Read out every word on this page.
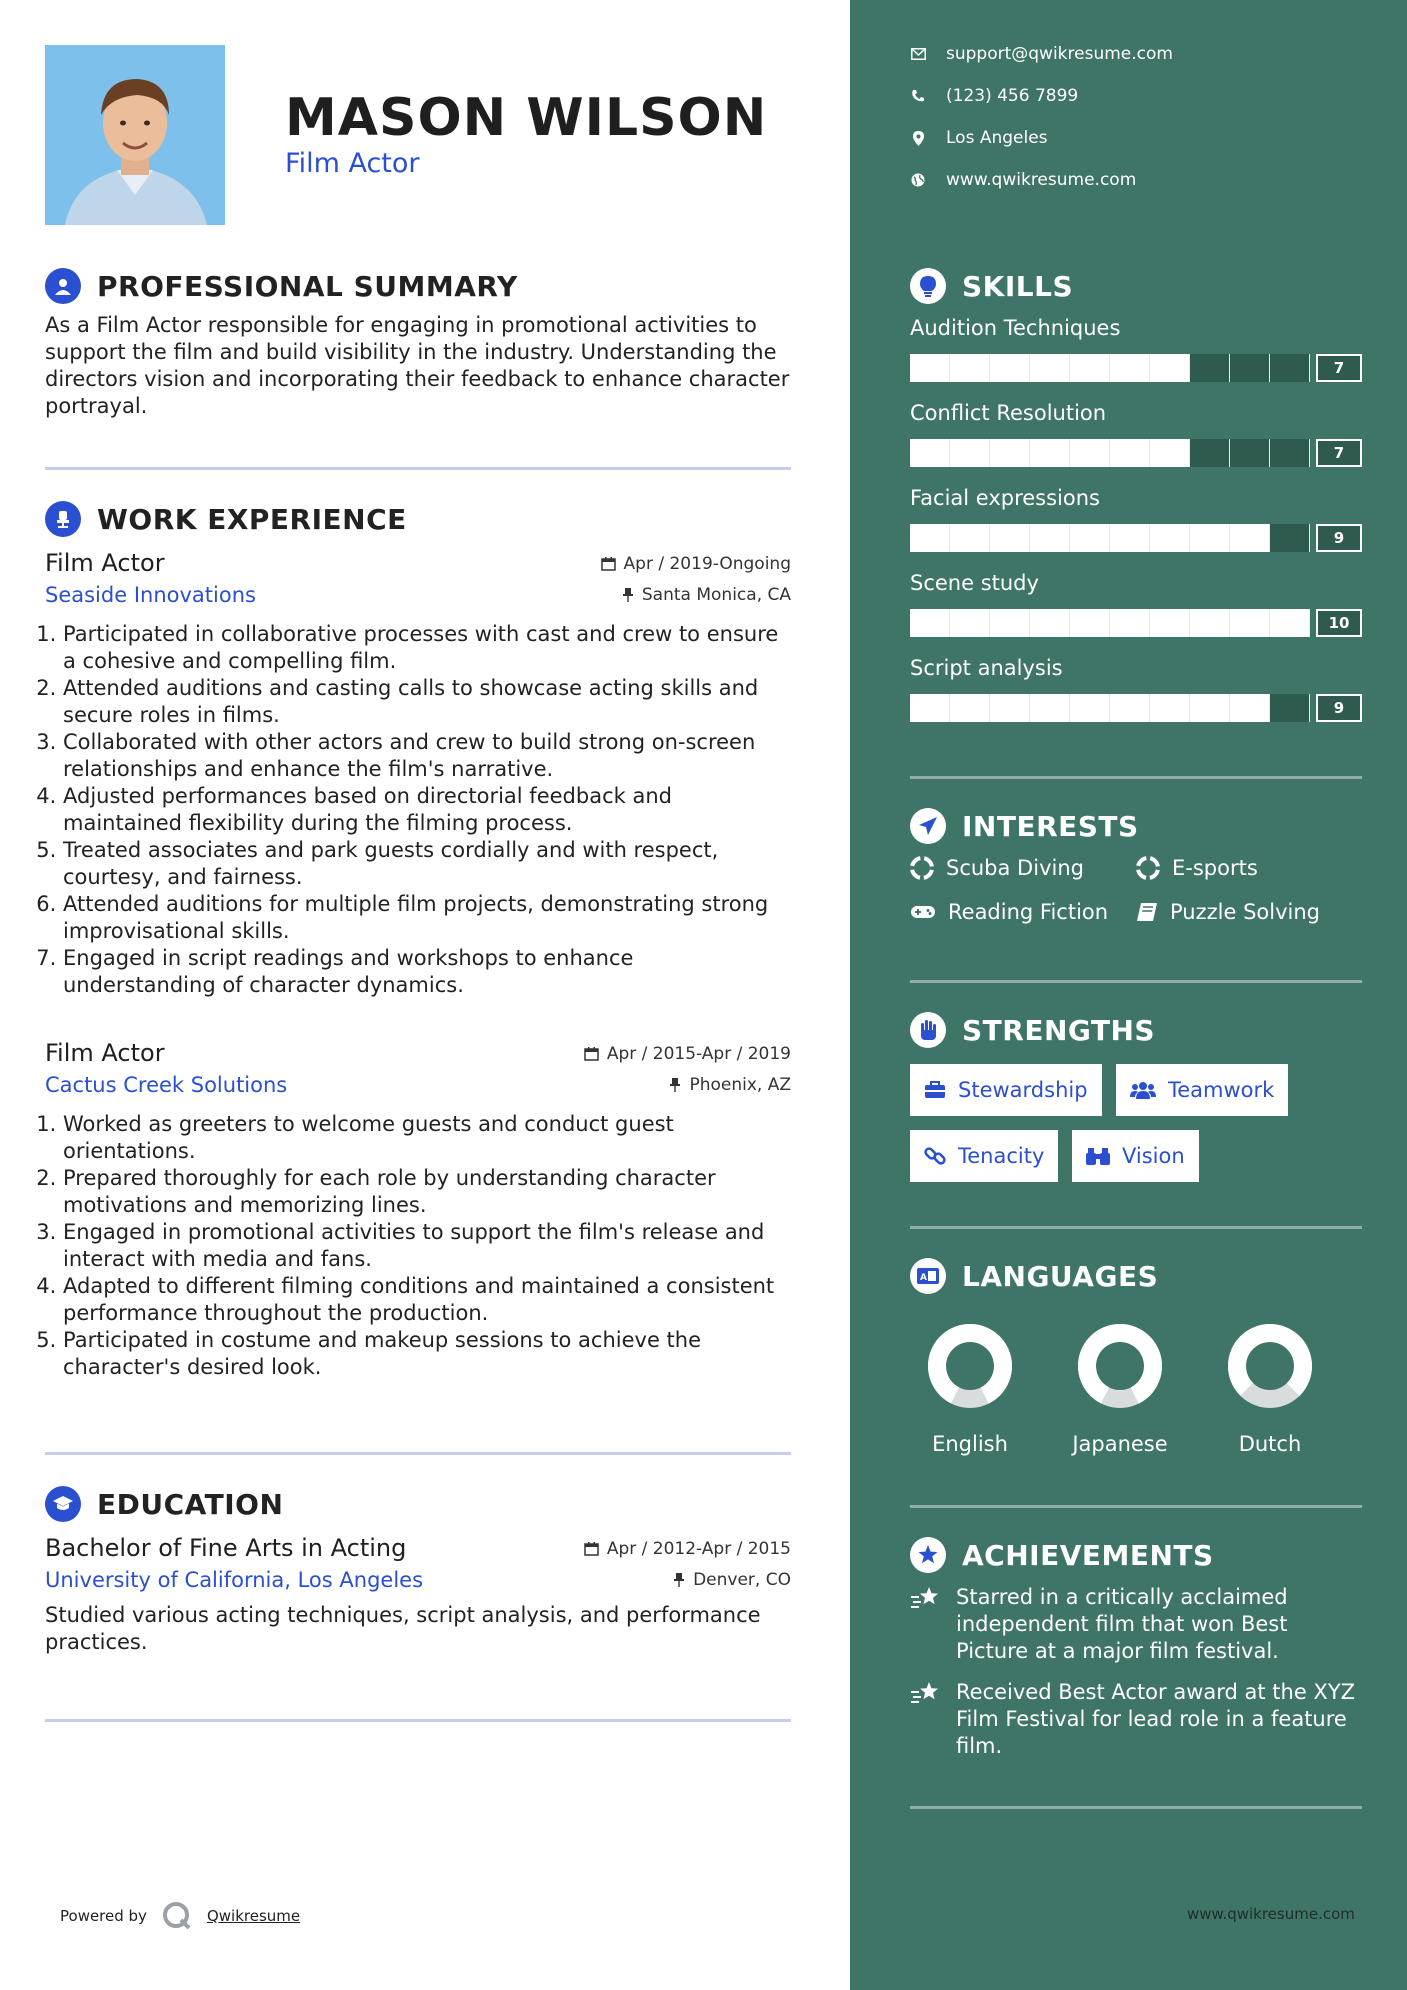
MASON WILSON
Film Actor
PROFESSIONAL SUMMARY
As a Film Actor responsible for engaging in promotional activities to support the film and build visibility in the industry. Understanding the directors vision and incorporating their feedback to enhance character portrayal.
WORK EXPERIENCE
Film Actor	Apr / 2019-Ongoing
Seaside Innovations	Santa Monica, CA
1. Participated in collaborative processes with cast and crew to ensure a cohesive and compelling film.
2. Attended auditions and casting calls to showcase acting skills and secure roles in films.
3. Collaborated with other actors and crew to build strong on-screen relationships and enhance the film's narrative.
4. Adjusted performances based on directorial feedback and maintained flexibility during the filming process.
5. Treated associates and park guests cordially and with respect, courtesy, and fairness.
6. Attended auditions for multiple film projects, demonstrating strong improvisational skills.
7. Engaged in script readings and workshops to enhance understanding of character dynamics.
Film Actor	Apr / 2015-Apr / 2019
Cactus Creek Solutions	Phoenix, AZ
1. Worked as greeters to welcome guests and conduct guest orientations.
2. Prepared thoroughly for each role by understanding character motivations and memorizing lines.
3. Engaged in promotional activities to support the film's release and interact with media and fans.
4. Adapted to different filming conditions and maintained a consistent performance throughout the production.
5. Participated in costume and makeup sessions to achieve the character's desired look.
EDUCATION
Bachelor of Fine Arts in Acting	Apr / 2012-Apr / 2015
University of California, Los Angeles	Denver, CO
Studied various acting techniques, script analysis, and performance practices.
Powered by	Qwikresume
support@qwikresume.com
(123) 456 7899
Los Angeles
www.qwikresume.com
SKILLS
Audition Techniques
7
Conflict Resolution
7
Facial expressions
9
Scene study
10
Script analysis
9
INTERESTS
Scuba Diving	E-sports
Reading Fiction	Puzzle Solving
STRENGTHS
Stewardship	Teamwork
Tenacity	Vision
A LANGUAGES
English	Japanese	Dutch
ACHIEVEMENTS
Starred in a critically acclaimed independent film that won Best Picture at a major film festival.
Received Best Actor award at the XYZ Film Festival for lead role in a feature film.
www.qwikresume.com
